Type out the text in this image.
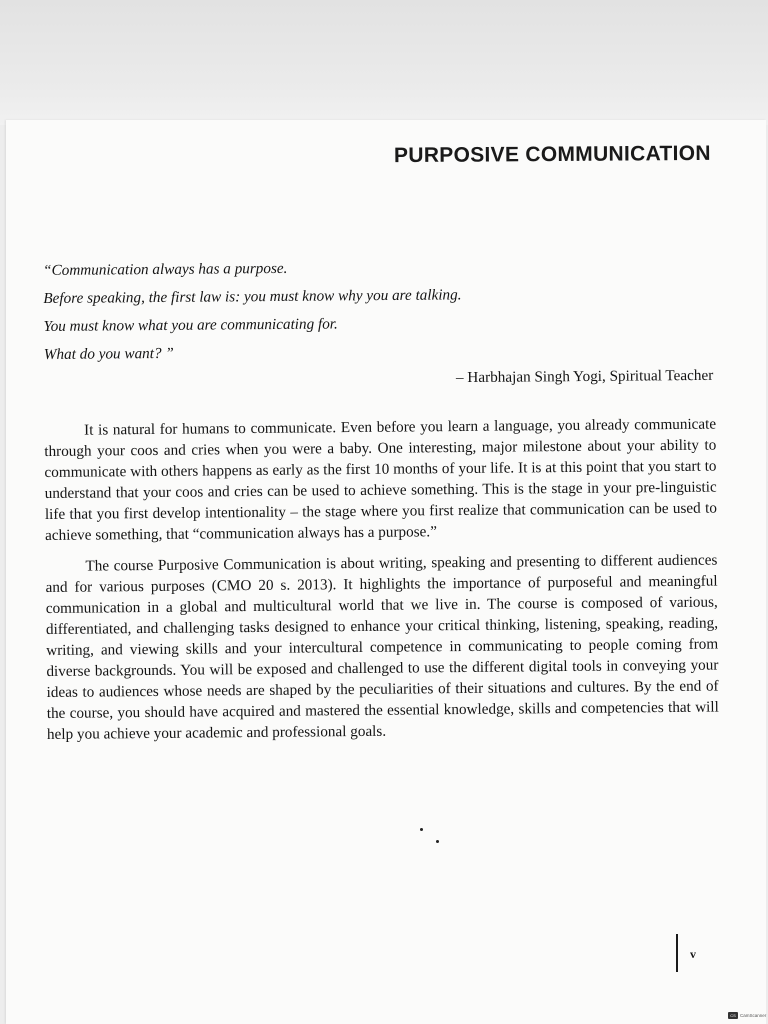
PURPOSIVE COMMUNICATION
“Communication always has a purpose.
Before speaking, the first law is: you must know why you are talking.
You must know what you are communicating for.
What do you want? ”
– Harbhajan Singh Yogi, Spiritual Teacher

It is natural for humans to communicate. Even before you learn a language, you already communicate through your coos and cries when you were a baby. One interesting, major milestone about your ability to communicate with others happens as early as the first 10 months of your life. It is at this point that you start to understand that your coos and cries can be used to achieve something. This is the stage in your pre-linguistic life that you first develop intentionality – the stage where you first realize that communication can be used to achieve something, that “communication always has a purpose.”

The course Purposive Communication is about writing, speaking and presenting to different audiences and for various purposes (CMO 20 s. 2013). It highlights the importance of purposeful and meaningful communication in a global and multicultural world that we live in. The course is composed of various, differentiated, and challenging tasks designed to enhance your critical thinking, listening, speaking, reading, writing, and viewing skills and your intercultural competence in communicating to people coming from diverse backgrounds. You will be exposed and challenged to use the different digital tools in conveying your ideas to audiences whose needs are shaped by the peculiarities of their situations and cultures. By the end of the course, you should have acquired and mastered the essential knowledge, skills and competencies that will help you achieve your academic and professional goals.

v
CS CamScanner
